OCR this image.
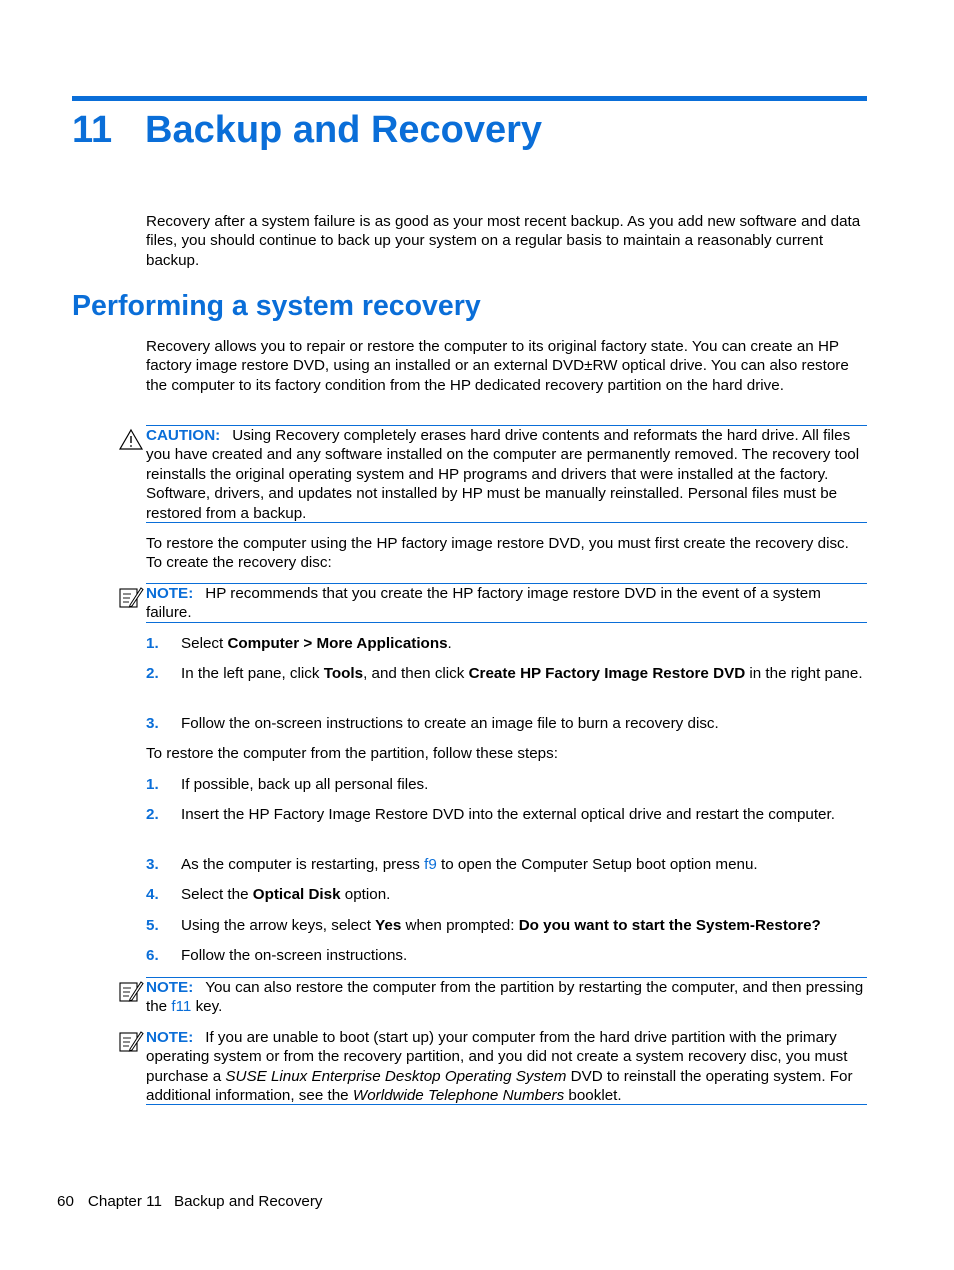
11 Backup and Recovery

Recovery after a system failure is as good as your most recent backup. As you add new software and data files, you should continue to back up your system on a regular basis to maintain a reasonably current backup.

Performing a system recovery

Recovery allows you to repair or restore the computer to its original factory state. You can create an HP factory image restore DVD, using an installed or an external DVD±RW optical drive. You can also restore the computer to its factory condition from the HP dedicated recovery partition on the hard drive.

CAUTION: Using Recovery completely erases hard drive contents and reformats the hard drive. All files you have created and any software installed on the computer are permanently removed. The recovery tool reinstalls the original operating system and HP programs and drivers that were installed at the factory. Software, drivers, and updates not installed by HP must be manually reinstalled. Personal files must be restored from a backup.

To restore the computer using the HP factory image restore DVD, you must first create the recovery disc. To create the recovery disc:

NOTE: HP recommends that you create the HP factory image restore DVD in the event of a system failure.

1. Select Computer > More Applications.
2. In the left pane, click Tools, and then click Create HP Factory Image Restore DVD in the right pane.
3. Follow the on-screen instructions to create an image file to burn a recovery disc.

To restore the computer from the partition, follow these steps:

1. If possible, back up all personal files.
2. Insert the HP Factory Image Restore DVD into the external optical drive and restart the computer.
3. As the computer is restarting, press f9 to open the Computer Setup boot option menu.
4. Select the Optical Disk option.
5. Using the arrow keys, select Yes when prompted: Do you want to start the System-Restore?
6. Follow the on-screen instructions.

NOTE: You can also restore the computer from the partition by restarting the computer, and then pressing the f11 key.

NOTE: If you are unable to boot (start up) your computer from the hard drive partition with the primary operating system or from the recovery partition, and you did not create a system recovery disc, you must purchase a SUSE Linux Enterprise Desktop Operating System DVD to reinstall the operating system. For additional information, see the Worldwide Telephone Numbers booklet.

60 Chapter 11 Backup and Recovery
